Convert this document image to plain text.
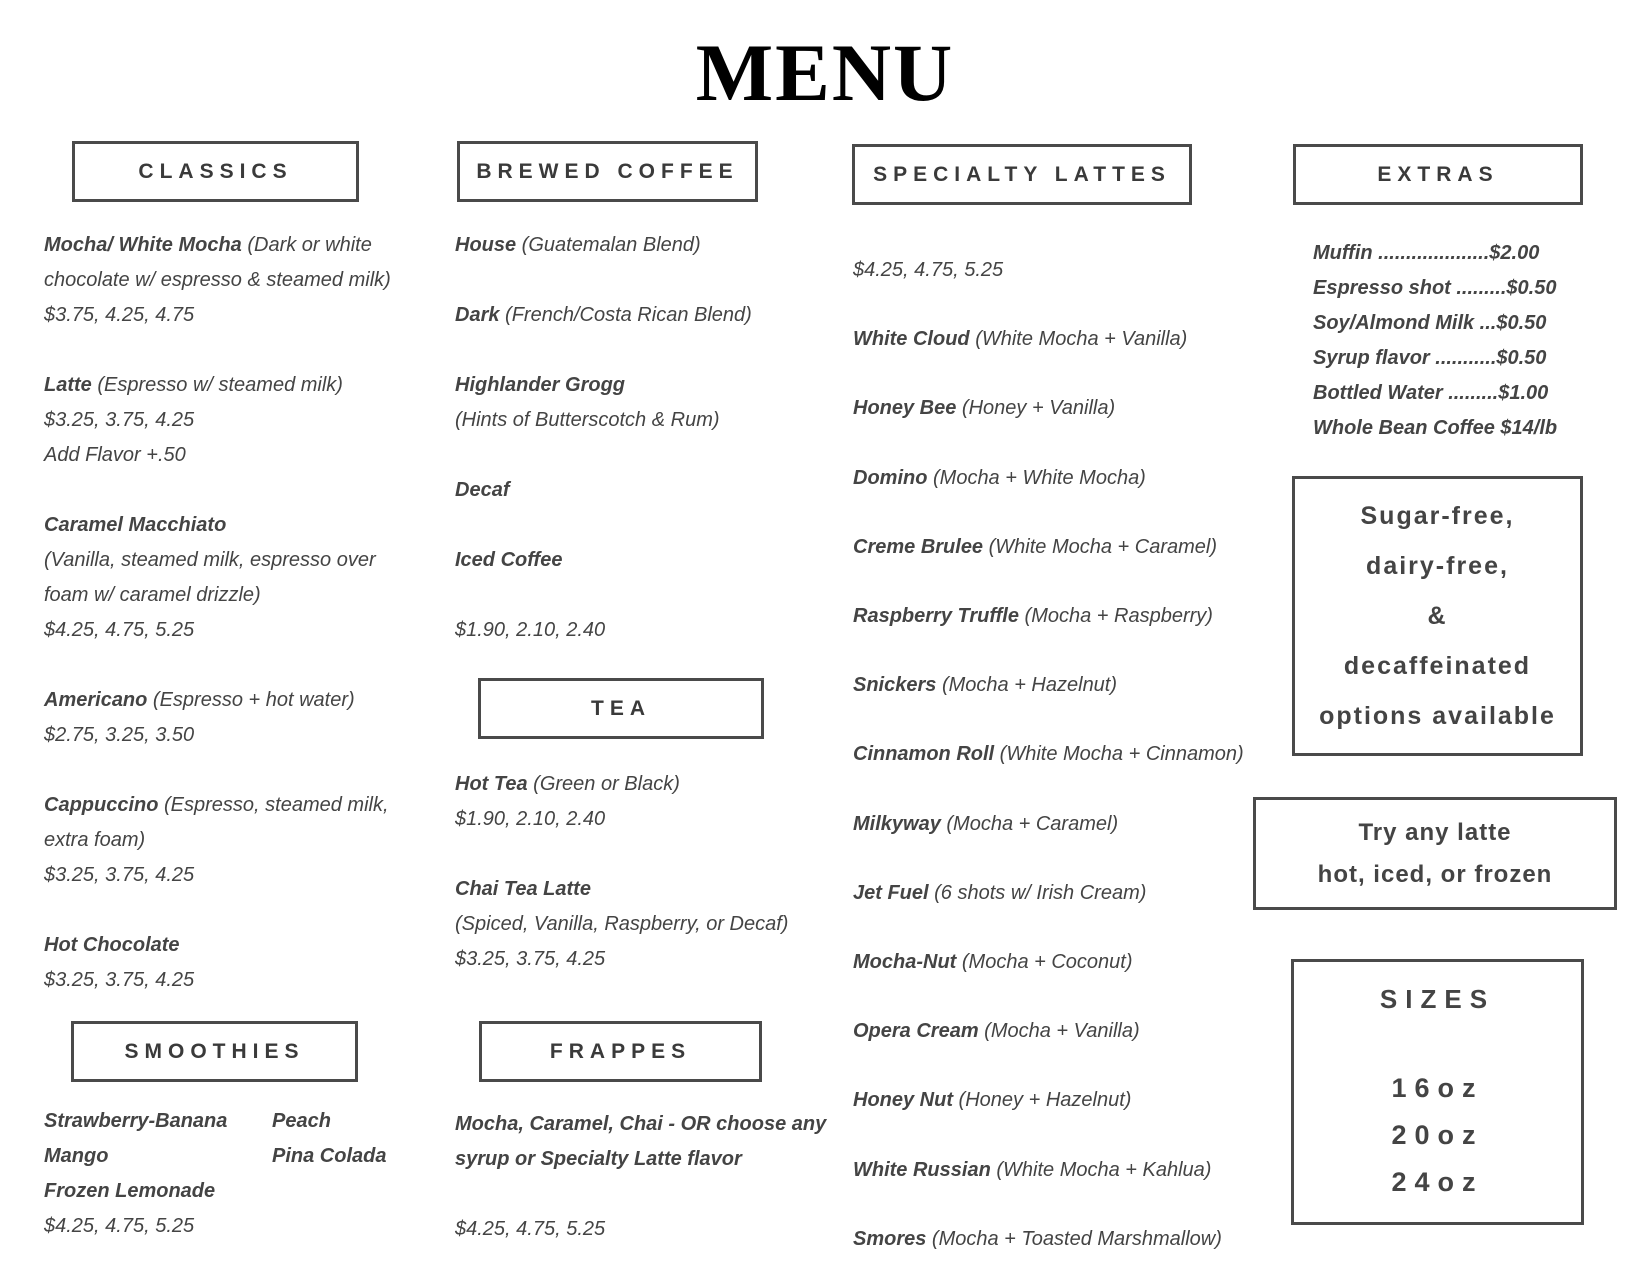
MENU
CLASSICS
Mocha/ White Mocha (Dark or white
chocolate w/ espresso & steamed milk)
$3.75, 4.25, 4.75
Latte (Espresso w/ steamed milk)
$3.25, 3.75, 4.25
Add Flavor +.50
Caramel Macchiato
(Vanilla, steamed milk, espresso over
foam w/ caramel drizzle)
$4.25, 4.75, 5.25
Americano (Espresso + hot water)
$2.75, 3.25, 3.50
Cappuccino (Espresso, steamed milk,
extra foam)
$3.25, 3.75, 4.25
Hot Chocolate
$3.25, 3.75, 4.25
SMOOTHIES
Strawberry-Banana	Peach
Mango	Pina Colada
Frozen Lemonade
$4.25, 4.75, 5.25
BREWED COFFEE
House (Guatemalan Blend)
Dark (French/Costa Rican Blend)
Highlander Grogg
(Hints of Butterscotch & Rum)
Decaf
Iced Coffee
$1.90, 2.10, 2.40
TEA
Hot Tea (Green or Black)
$1.90, 2.10, 2.40
Chai Tea Latte
(Spiced, Vanilla, Raspberry, or Decaf)
$3.25, 3.75, 4.25
FRAPPES
Mocha, Caramel, Chai - OR choose any
syrup or Specialty Latte flavor
$4.25, 4.75, 5.25
SPECIALTY LATTES
$4.25, 4.75, 5.25
White Cloud (White Mocha + Vanilla)
Honey Bee (Honey + Vanilla)
Domino (Mocha + White Mocha)
Creme Brulee (White Mocha + Caramel)
Raspberry Truffle (Mocha + Raspberry)
Snickers (Mocha + Hazelnut)
Cinnamon Roll (White Mocha + Cinnamon)
Milkyway (Mocha + Caramel)
Jet Fuel (6 shots w/ Irish Cream)
Mocha-Nut (Mocha + Coconut)
Opera Cream (Mocha + Vanilla)
Honey Nut (Honey + Hazelnut)
White Russian (White Mocha + Kahlua)
Smores (Mocha + Toasted Marshmallow)
EXTRAS
Muffin ....................$2.00
Espresso shot .........$0.50
Soy/Almond Milk ...$0.50
Syrup flavor ...........$0.50
Bottled Water .........$1.00
Whole Bean Coffee $14/lb
Sugar-free,
dairy-free,
&
decaffeinated
options available
Try any latte
hot, iced, or frozen
SIZES
16oz
20oz
24oz
